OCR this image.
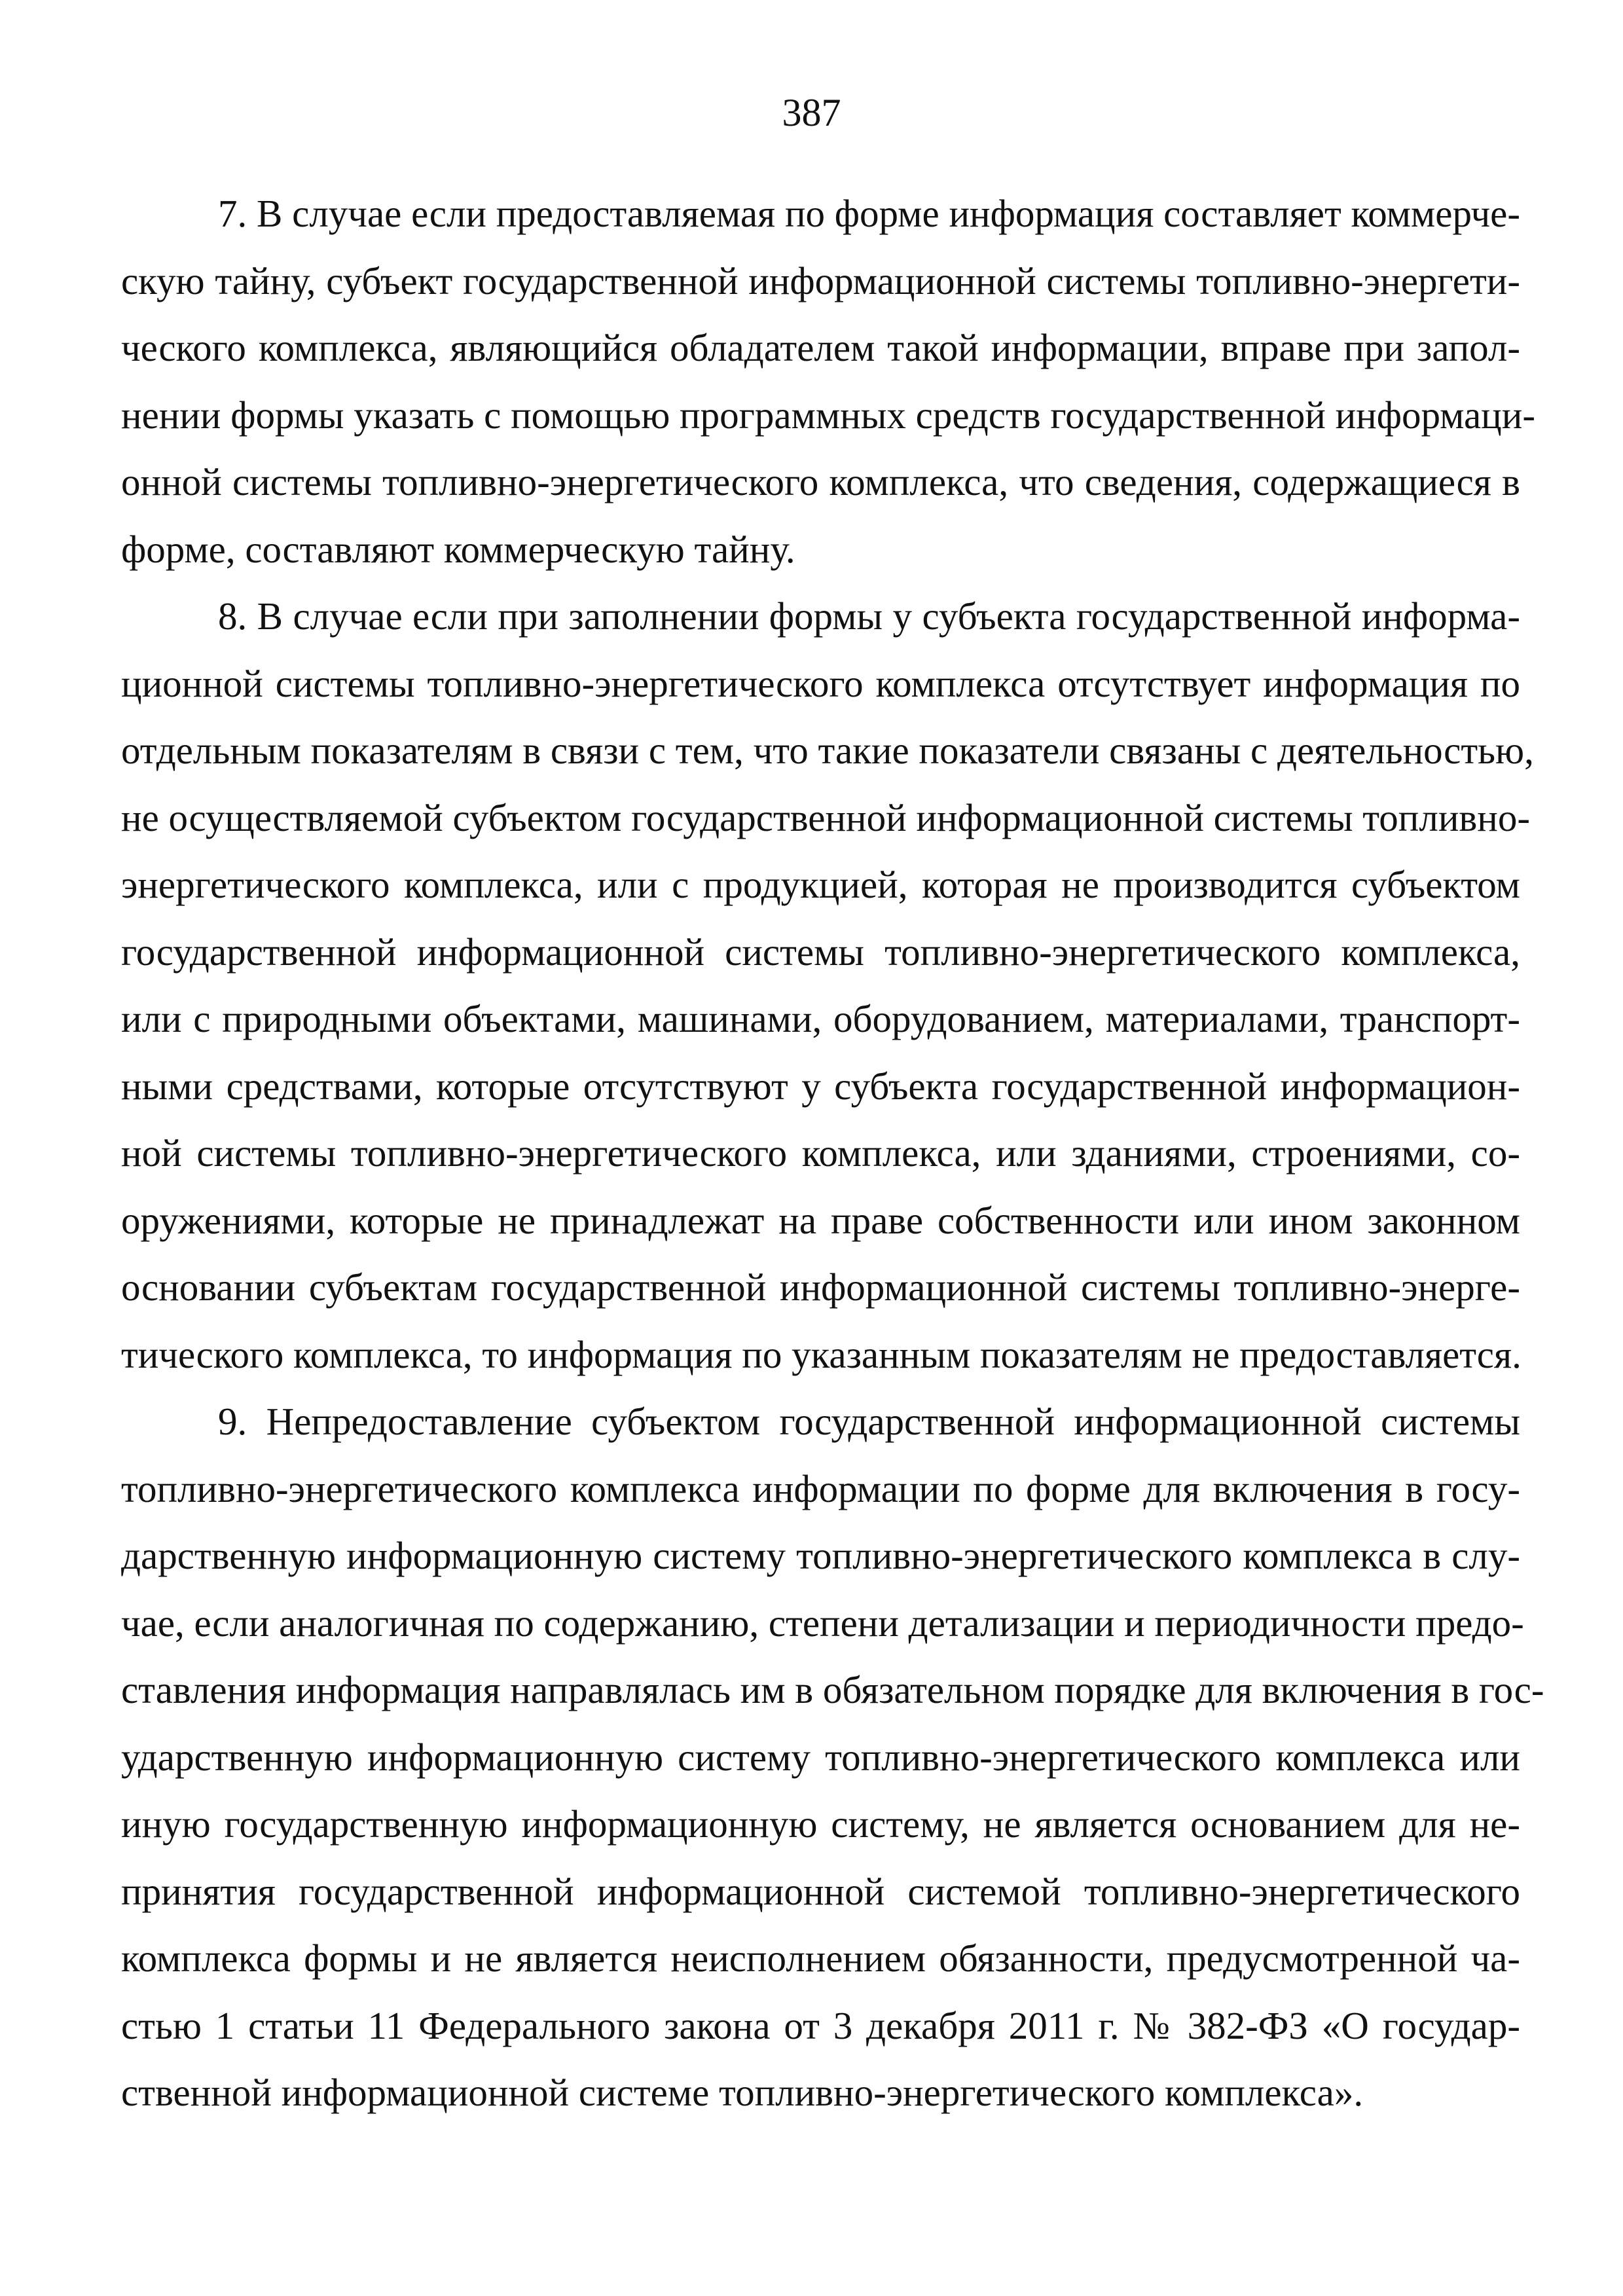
387
7. В случае если предоставляемая по форме информация составляет коммерче-
скую тайну, субъект государственной информационной системы топливно-энергети-
ческого комплекса, являющийся обладателем такой информации, вправе при запол-
нении формы указать с помощью программных средств государственной информаци-
онной системы топливно-энергетического комплекса, что сведения, содержащиеся в
форме, составляют коммерческую тайну.
8. В случае если при заполнении формы у субъекта государственной информа-
ционной системы топливно-энергетического комплекса отсутствует информация по
отдельным показателям в связи с тем, что такие показатели связаны с деятельностью,
не осуществляемой субъектом государственной информационной системы топливно-
энергетического комплекса, или с продукцией, которая не производится субъектом
государственной информационной системы топливно-энергетического комплекса,
или с природными объектами, машинами, оборудованием, материалами, транспорт-
ными средствами, которые отсутствуют у субъекта государственной информацион-
ной системы топливно-энергетического комплекса, или зданиями, строениями, со-
оружениями, которые не принадлежат на праве собственности или ином законном
основании субъектам государственной информационной системы топливно-энерге-
тического комплекса, то информация по указанным показателям не предоставляется.
9. Непредоставление субъектом государственной информационной системы
топливно-энергетического комплекса информации по форме для включения в госу-
дарственную информационную систему топливно-энергетического комплекса в слу-
чае, если аналогичная по содержанию, степени детализации и периодичности предо-
ставления информация направлялась им в обязательном порядке для включения в гос-
ударственную информационную систему топливно-энергетического комплекса или
иную государственную информационную систему, не является основанием для не-
принятия государственной информационной системой топливно-энергетического
комплекса формы и не является неисполнением обязанности, предусмотренной ча-
стью 1 статьи 11 Федерального закона от 3 декабря 2011 г. № 382-ФЗ «О государ-
ственной информационной системе топливно-энергетического комплекса».
